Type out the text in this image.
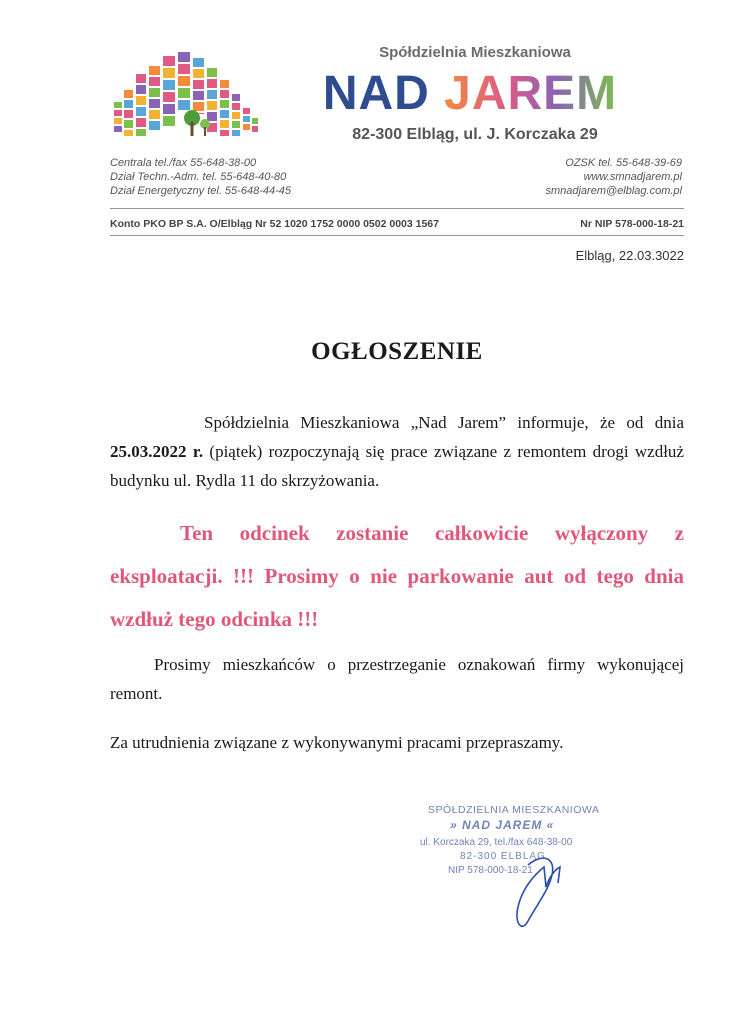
Spółdzielnia Mieszkaniowa
NAD JAREM
82-300 Elbląg, ul. J. Korczaka 29
Centrala tel./fax 55-648-38-00
Dział Techn.-Adm. tel. 55-648-40-80
Dział Energetyczny tel. 55-648-44-45
OZSK tel. 55-648-39-69
www.smnadjarem.pl
smnadjarem@elblag.com.pl
Konto PKO BP S.A. O/Elbląg Nr 52 1020 1752 0000 0502 0003 1567	Nr NIP 578-000-18-21
Elbląg, 22.03.3022
OGŁOSZENIE
Spółdzielnia Mieszkaniowa „Nad Jarem” informuje, że od dnia 25.03.2022 r. (piątek) rozpoczynają się prace związane z remontem drogi wzdłuż budynku ul. Rydla 11 do skrzyżowania.
Ten odcinek zostanie całkowicie wyłączony z eksploatacji. !!! Prosimy o nie parkowanie aut od tego dnia wzdłuż tego odcinka !!!
Prosimy mieszkańców o przestrzeganie oznakowań firmy wykonującej remont.
Za utrudnienia związane z wykonywanymi pracami przepraszamy.
SPÓŁDZIELNIA MIESZKANIOWA
» NAD JAREM «
ul. Korczaka 29, tel./fax 648-38-00
82-300 ELBLĄG
NIP 578-000-18-21
